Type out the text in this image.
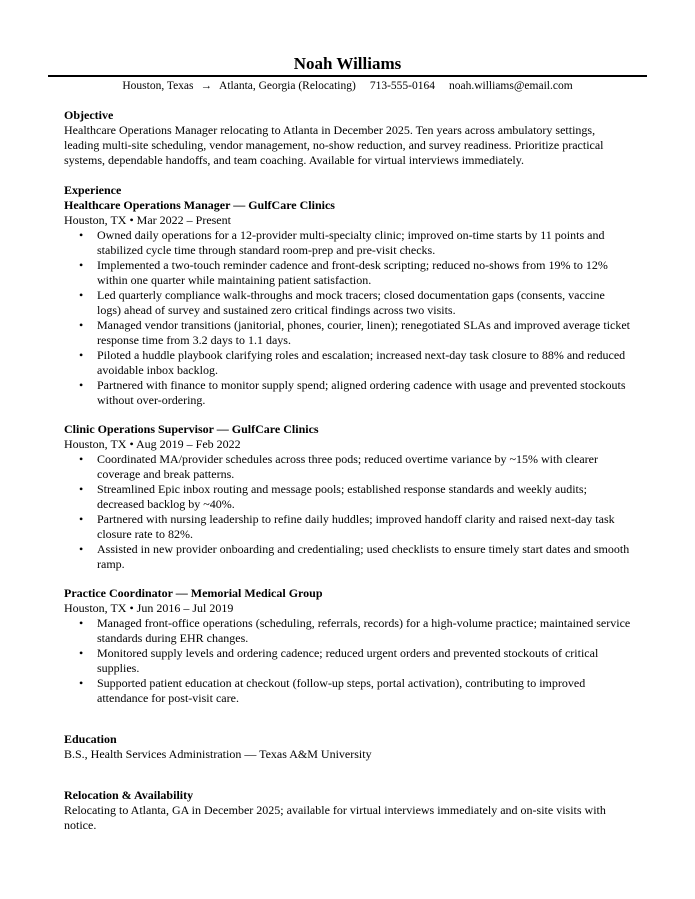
Noah Williams
Houston, Texas → Atlanta, Georgia (Relocating) 713-555-0164 noah.williams@email.com

Objective

Healthcare Operations Manager relocating to Atlanta in December 2025. Ten years across ambulatory settings, leading multi-site scheduling, vendor management, no-show reduction, and survey readiness. Prioritize practical systems, dependable handoffs, and team coaching. Available for virtual interviews immediately.

Experience

Healthcare Operations Manager — GulfCare Clinics

Houston, TX • Mar 2022 – Present

• Owned daily operations for a 12-provider multi-specialty clinic; improved on-time starts by 11 points and stabilized cycle time through standard room-prep and pre-visit checks.
• Implemented a two-touch reminder cadence and front-desk scripting; reduced no-shows from 19% to 12% within one quarter while maintaining patient satisfaction.
• Led quarterly compliance walk-throughs and mock tracers; closed documentation gaps (consents, vaccine logs) ahead of survey and sustained zero critical findings across two visits.
• Managed vendor transitions (janitorial, phones, courier, linen); renegotiated SLAs and improved average ticket response time from 3.2 days to 1.1 days.
• Piloted a huddle playbook clarifying roles and escalation; increased next-day task closure to 88% and reduced avoidable inbox backlog.
• Partnered with finance to monitor supply spend; aligned ordering cadence with usage and prevented stockouts without over-ordering.

Clinic Operations Supervisor — GulfCare Clinics

Houston, TX • Aug 2019 – Feb 2022

• Coordinated MA/provider schedules across three pods; reduced overtime variance by ~15% with clearer coverage and break patterns.
• Streamlined Epic inbox routing and message pools; established response standards and weekly audits; decreased backlog by ~40%.
• Partnered with nursing leadership to refine daily huddles; improved handoff clarity and raised next-day task closure rate to 82%.
• Assisted in new provider onboarding and credentialing; used checklists to ensure timely start dates and smooth ramp.

Practice Coordinator — Memorial Medical Group

Houston, TX • Jun 2016 – Jul 2019

• Managed front-office operations (scheduling, referrals, records) for a high-volume practice; maintained service standards during EHR changes.
• Monitored supply levels and ordering cadence; reduced urgent orders and prevented stockouts of critical supplies.
• Supported patient education at checkout (follow-up steps, portal activation), contributing to improved attendance for post-visit care.

Education

B.S., Health Services Administration — Texas A&M University

Relocation & Availability

Relocating to Atlanta, GA in December 2025; available for virtual interviews immediately and on-site visits with notice.
